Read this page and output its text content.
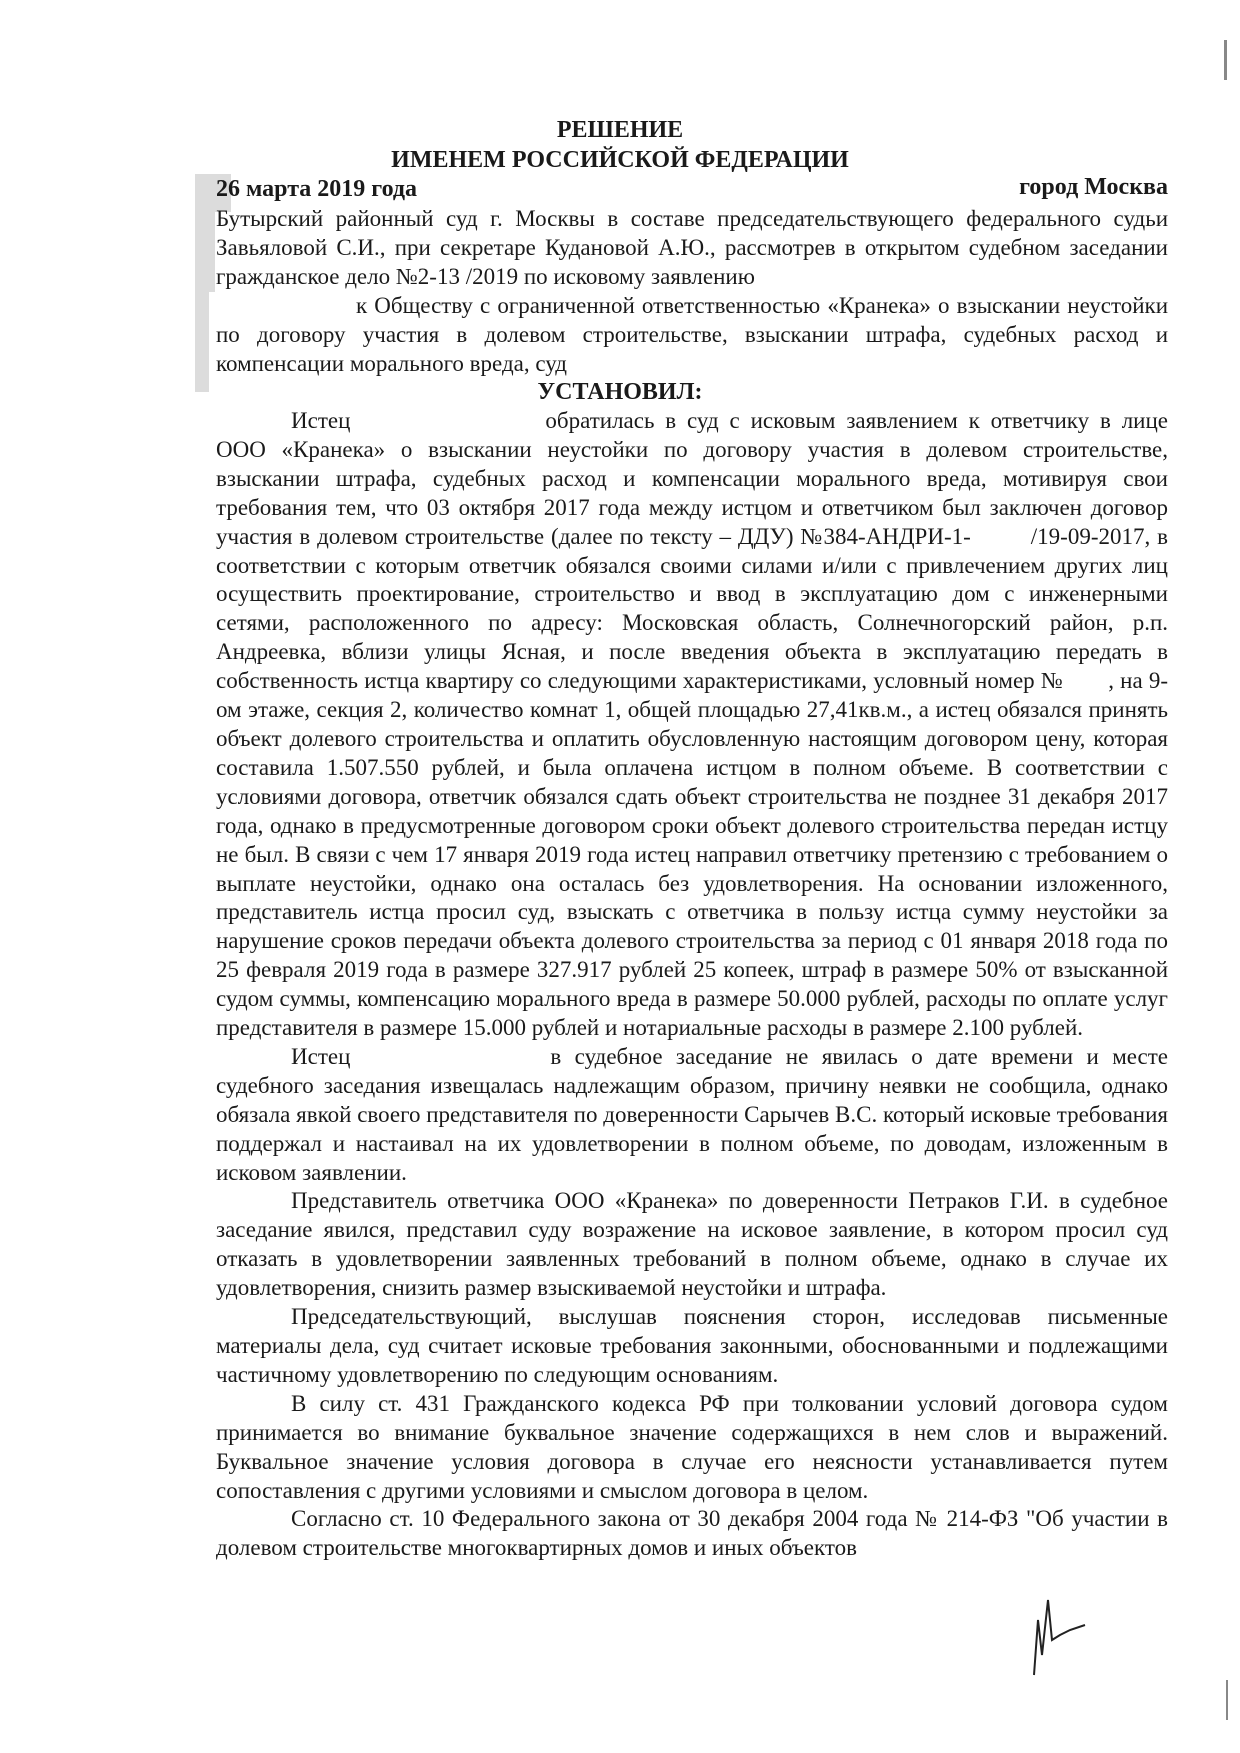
РЕШЕНИЕ
ИМЕНЕМ РОССИЙСКОЙ ФЕДЕРАЦИИ
26 марта 2019 года	город Москва

Бутырский районный суд г. Москвы в составе председательствующего федерального судьи Завьяловой С.И., при секретаре Кудановой А.Ю., рассмотрев в открытом судебном заседании гражданское дело №2-13 /2019 по исковому заявлению

к Обществу с ограниченной ответственностью «Кранека» о взыскании неустойки по договору участия в долевом строительстве, взыскании штрафа, судебных расход и компенсации морального вреда, суд

УСТАНОВИЛ:

Истец	обратилась в суд с исковым заявлением к ответчику в лице ООО «Кранека» о взыскании неустойки по договору участия в долевом строительстве, взыскании штрафа, судебных расход и компенсации морального вреда, мотивируя свои требования тем, что 03 октября 2017 года между истцом и ответчиком был заключен договор участия в долевом строительстве (далее по тексту – ДДУ) №384-АНДРИ-1-	/19-09-2017, в соответствии с которым ответчик обязался своими силами и/или с привлечением других лиц осуществить проектирование, строительство и ввод в эксплуатацию дом с инженерными сетями, расположенного по адресу: Московская область, Солнечногорский район, р.п. Андреевка, вблизи улицы Ясная, и после введения объекта в эксплуатацию передать в собственность истца квартиру со следующими характеристиками, условный номер № , на 9-ом этаже, секция 2, количество комнат 1, общей площадью 27,41кв.м., а истец обязался принять объект долевого строительства и оплатить обусловленную настоящим договором цену, которая составила 1.507.550 рублей, и была оплачена истцом в полном объеме. В соответствии с условиями договора, ответчик обязался сдать объект строительства не позднее 31 декабря 2017 года, однако в предусмотренные договором сроки объект долевого строительства передан истцу не был. В связи с чем 17 января 2019 года истец направил ответчику претензию с требованием о выплате неустойки, однако она осталась без удовлетворения. На основании изложенного, представитель истца просил суд, взыскать с ответчика в пользу истца сумму неустойки за нарушение сроков передачи объекта долевого строительства за период с 01 января 2018 года по 25 февраля 2019 года в размере 327.917 рублей 25 копеек, штраф в размере 50% от взысканной судом суммы, компенсацию морального вреда в размере 50.000 рублей, расходы по оплате услуг представителя в размере 15.000 рублей и нотариальные расходы в размере 2.100 рублей.

Истец	в судебное заседание не явилась о дате времени и месте судебного заседания извещалась надлежащим образом, причину неявки не сообщила, однако обязала явкой своего представителя по доверенности Сарычев В.С. который исковые требования поддержал и настаивал на их удовлетворении в полном объеме, по доводам, изложенным в исковом заявлении.

Представитель ответчика ООО «Кранека» по доверенности Петраков Г.И. в судебное заседание явился, представил суду возражение на исковое заявление, в котором просил суд отказать в удовлетворении заявленных требований в полном объеме, однако в случае их удовлетворения, снизить размер взыскиваемой неустойки и штрафа.

Председательствующий, выслушав пояснения сторон, исследовав письменные материалы дела, суд считает исковые требования законными, обоснованными и подлежащими частичному удовлетворению по следующим основаниям.

В силу ст. 431 Гражданского кодекса РФ при толковании условий договора судом принимается во внимание буквальное значение содержащихся в нем слов и выражений. Буквальное значение условия договора в случае его неясности устанавливается путем сопоставления с другими условиями и смыслом договора в целом.

Согласно ст. 10 Федерального закона от 30 декабря 2004 года № 214-ФЗ "Об участии в долевом строительстве многоквартирных домов и иных объектов
